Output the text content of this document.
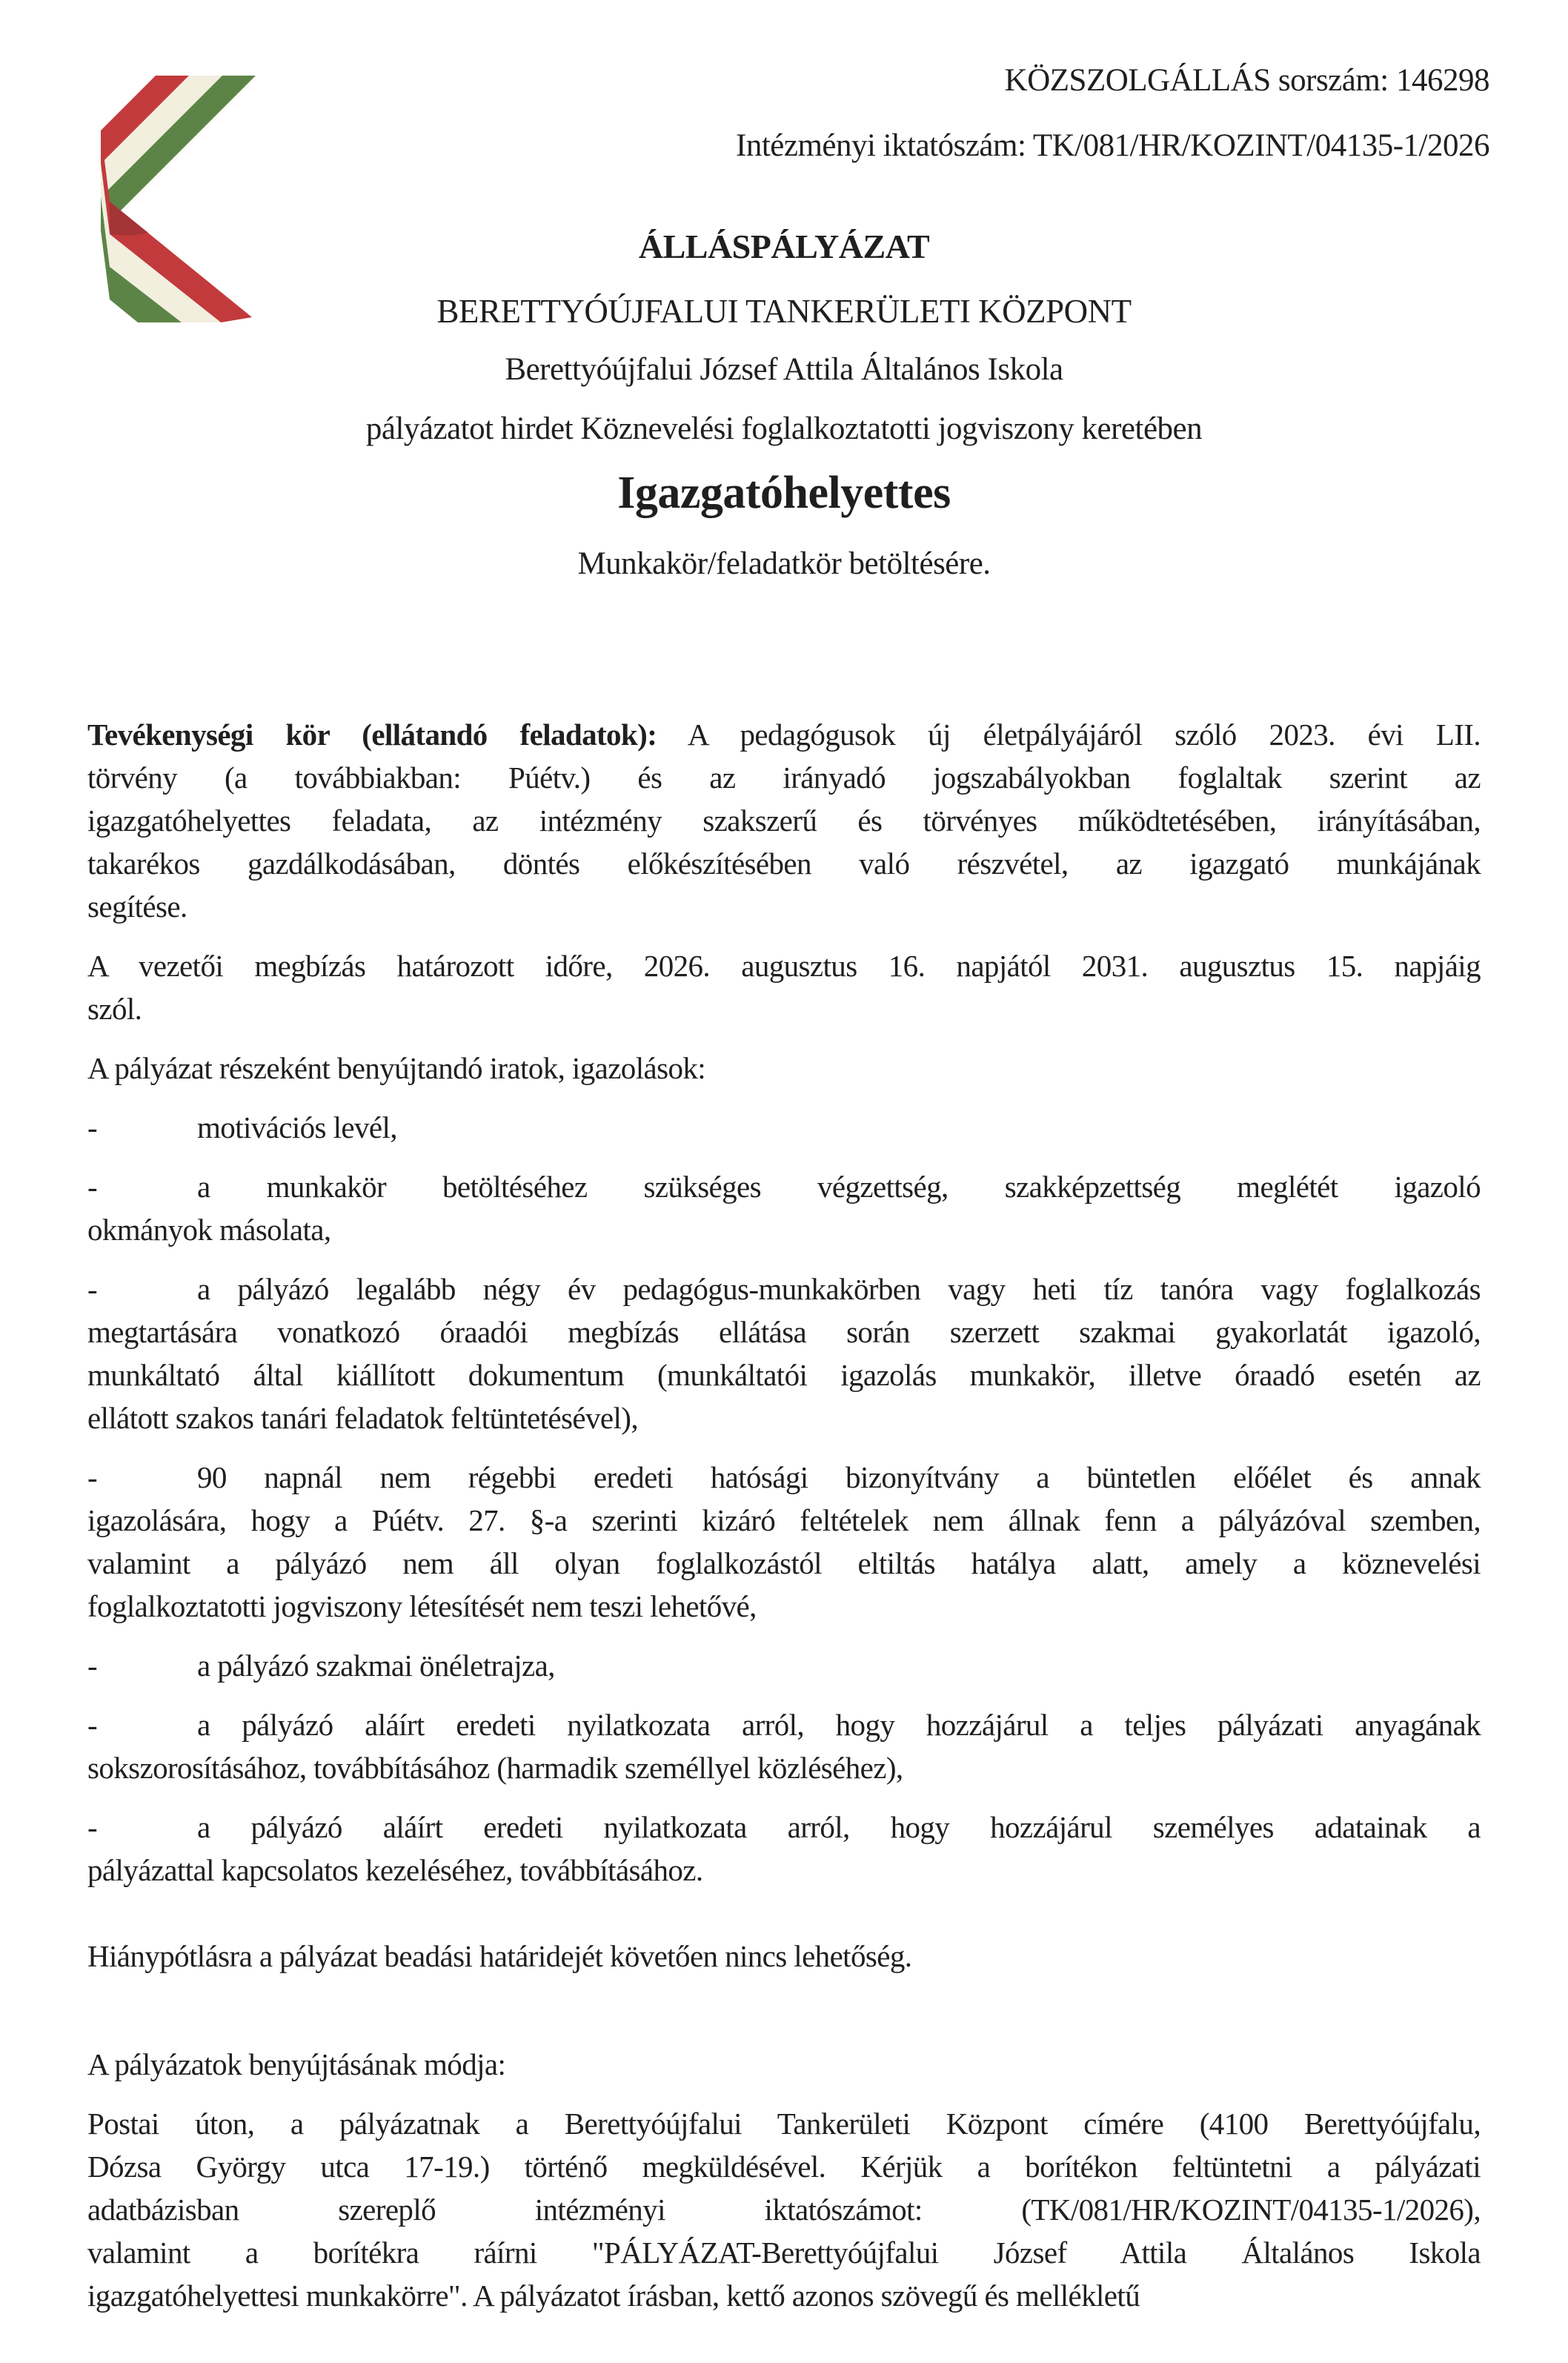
KÖZSZOLGÁLLÁS sorszám: 146298
Intézményi iktatószám: TK/081/HR/KOZINT/04135-1/2026
ÁLLÁSPÁLYÁZAT
BERETTYÓÚJFALUI TANKERÜLETI KÖZPONT
Berettyóújfalui József Attila Általános Iskola
pályázatot hirdet Köznevelési foglalkoztatotti jogviszony keretében
Igazgatóhelyettes
Munkakör/feladatkör betöltésére.

Tevékenységi kör (ellátandó feladatok): A pedagógusok új életpályájáról szóló 2023. évi LII.
törvény (a továbbiakban: Púétv.) és az irányadó jogszabályokban foglaltak szerint az
igazgatóhelyettes feladata, az intézmény szakszerű és törvényes működtetésében, irányításában,
takarékos gazdálkodásában, döntés előkészítésében való részvétel, az igazgató munkájának
segítése.

A vezetői megbízás határozott időre, 2026. augusztus 16. napjától 2031. augusztus 15. napjáig
szól.

A pályázat részeként benyújtandó iratok, igazolások:

-	motivációs levél,

-	a munkakör betöltéséhez szükséges végzettség, szakképzettség meglétét igazoló
okmányok másolata,

-	a pályázó legalább négy év pedagógus-munkakörben vagy heti tíz tanóra vagy foglalkozás
megtartására vonatkozó óraadói megbízás ellátása során szerzett szakmai gyakorlatát igazoló,
munkáltató által kiállított dokumentum (munkáltatói igazolás munkakör, illetve óraadó esetén az
ellátott szakos tanári feladatok feltüntetésével),

-	90 napnál nem régebbi eredeti hatósági bizonyítvány a büntetlen előélet és annak
igazolására, hogy a Púétv. 27. §-a szerinti kizáró feltételek nem állnak fenn a pályázóval szemben,
valamint a pályázó nem áll olyan foglalkozástól eltiltás hatálya alatt, amely a köznevelési
foglalkoztatotti jogviszony létesítését nem teszi lehetővé,

-	a pályázó szakmai önéletrajza,

-	a pályázó aláírt eredeti nyilatkozata arról, hogy hozzájárul a teljes pályázati anyagának
sokszorosításához, továbbításához (harmadik személlyel közléséhez),

-	a pályázó aláírt eredeti nyilatkozata arról, hogy hozzájárul személyes adatainak a
pályázattal kapcsolatos kezeléséhez, továbbításához.

Hiánypótlásra a pályázat beadási határidejét követően nincs lehetőség.

A pályázatok benyújtásának módja:

Postai úton, a pályázatnak a Berettyóújfalui Tankerületi Központ címére (4100 Berettyóújfalu,
Dózsa György utca 17-19.) történő megküldésével. Kérjük a borítékon feltüntetni a pályázati
adatbázisban szereplő intézményi iktatószámot: (TK/081/HR/KOZINT/04135-1/2026),
valamint a borítékra ráírni "PÁLYÁZAT-Berettyóújfalui József Attila Általános Iskola
igazgatóhelyettesi munkakörre". A pályázatot írásban, kettő azonos szövegű és mellékletű
